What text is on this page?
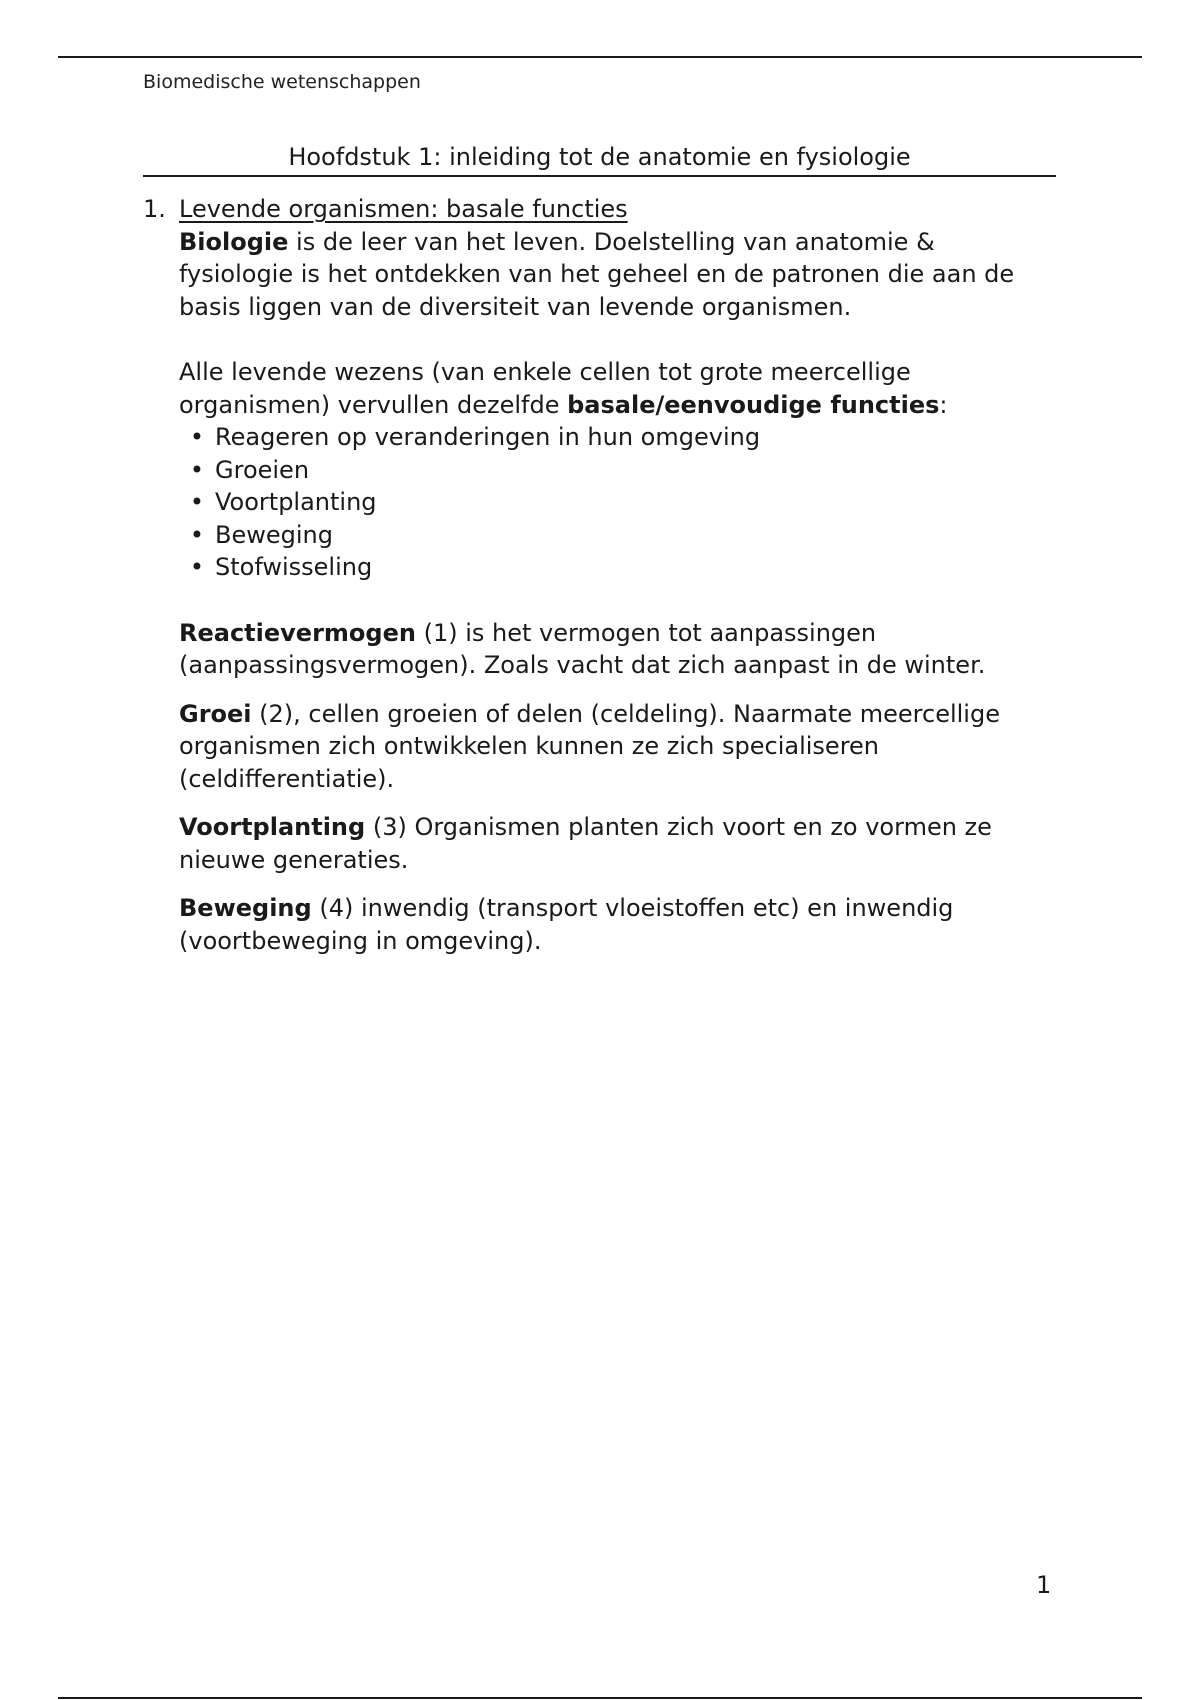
Biomedische wetenschappen

Hoofdstuk 1: inleiding tot de anatomie en fysiologie

1. Levende organismen: basale functies

Biologie is de leer van het leven. Doelstelling van anatomie & fysiologie is het ontdekken van het geheel en de patronen die aan de basis liggen van de diversiteit van levende organismen.

Alle levende wezens (van enkele cellen tot grote meercellige organismen) vervullen dezelfde basale/eenvoudige functies:

• Reageren op veranderingen in hun omgeving
• Groeien
• Voortplanting
• Beweging
• Stofwisseling

Reactievermogen (1) is het vermogen tot aanpassingen (aanpassingsvermogen). Zoals vacht dat zich aanpast in de winter.

Groei (2), cellen groeien of delen (celdeling). Naarmate meercellige organismen zich ontwikkelen kunnen ze zich specialiseren (celdifferentiatie).

Voortplanting (3) Organismen planten zich voort en zo vormen ze nieuwe generaties.

Beweging (4) inwendig (transport vloeistoffen etc) en inwendig (voortbeweging in omgeving).

1
